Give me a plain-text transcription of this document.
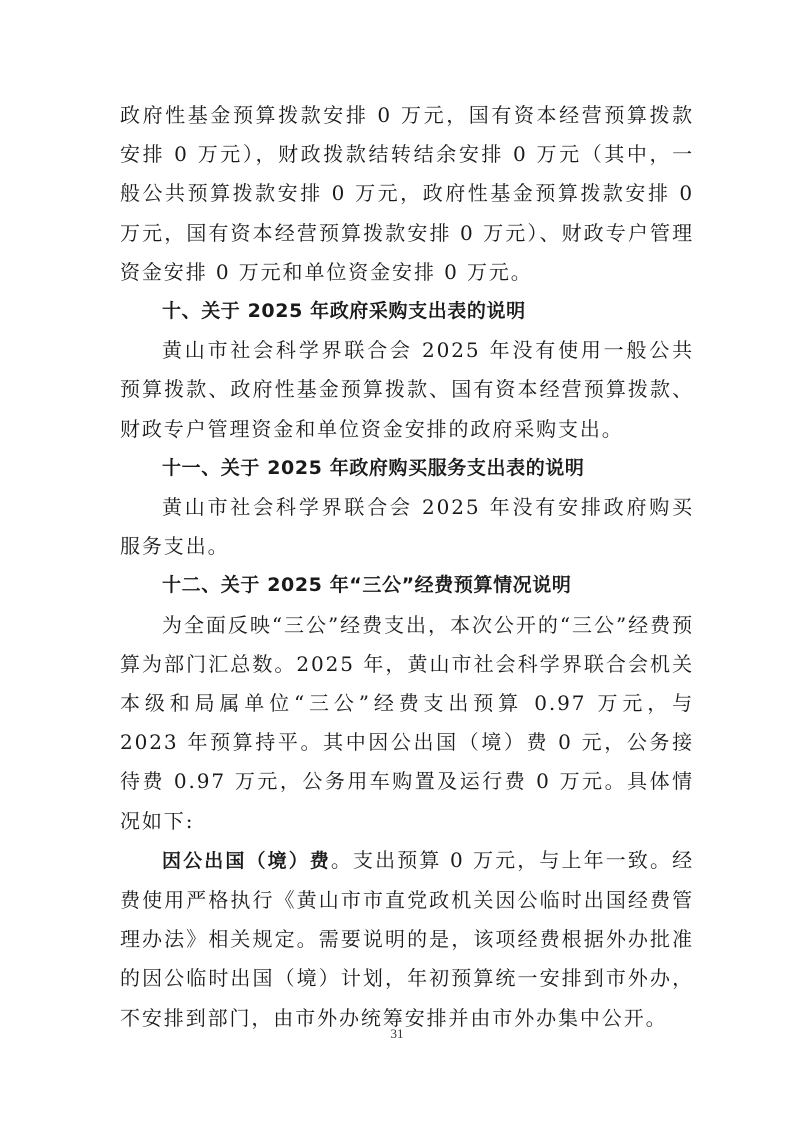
政府性基金预算拨款安排 0 万元，国有资本经营预算拨款安排 0 万元），财政拨款结转结余安排 0 万元（其中，一般公共预算拨款安排 0 万元，政府性基金预算拨款安排 0 万元，国有资本经营预算拨款安排 0 万元）、财政专户管理资金安排 0 万元和单位资金安排 0 万元。

十、关于 2025 年政府采购支出表的说明

黄山市社会科学界联合会 2025 年没有使用一般公共预算拨款、政府性基金预算拨款、国有资本经营预算拨款、财政专户管理资金和单位资金安排的政府采购支出。

十一、关于 2025 年政府购买服务支出表的说明

黄山市社会科学界联合会 2025 年没有安排政府购买服务支出。

十二、关于 2025 年“三公”经费预算情况说明

为全面反映“三公”经费支出，本次公开的“三公”经费预算为部门汇总数。2025 年，黄山市社会科学界联合会机关本级和局属单位“三公”经费支出预算 0.97 万元，与 2023 年预算持平。其中因公出国（境）费 0 元，公务接待费 0.97 万元，公务用车购置及运行费 0 万元。具体情况如下:

因公出国（境）费。支出预算 0 万元，与上年一致。经费使用严格执行《黄山市市直党政机关因公临时出国经费管理办法》相关规定。需要说明的是，该项经费根据外办批准的因公临时出国（境）计划，年初预算统一安排到市外办，不安排到部门，由市外办统筹安排并由市外办集中公开。

31
